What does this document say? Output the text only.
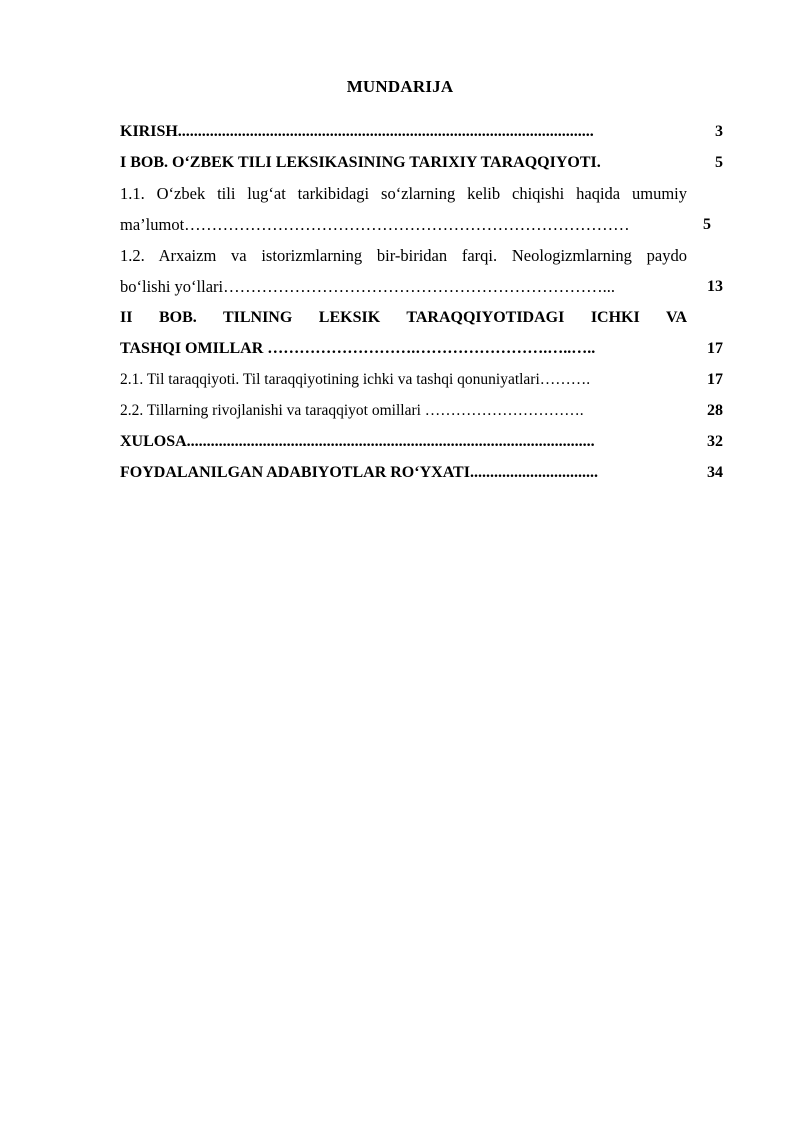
MUNDARIJA
KIRISH........................................................................................................	3
I BOB. O‘ZBEK TILI LEKSIKASINING TARIXIY TARAQQIYOTI.	5
1.1. O‘zbek tili lug‘at tarkibidagi so‘zlarning kelib chiqishi haqida umumiy
ma’lumot………………………………………………………………………	5
1.2. Arxaizm va istorizmlarning bir-biridan farqi. Neologizmlarning paydo
bo‘lishi yo‘llari……………………………………………………………...	13
II BOB. TILNING LEKSIK TARAQQIYOTIDAGI ICHKI VA
TASHQI OMILLAR ……………………….…………………….…..…..	17
2.1. Til taraqqiyoti. Til taraqqiyotining ichki va tashqi qonuniyatlari……….	17
2.2. Tillarning rivojlanishi va taraqqiyot omillari ………………………….	28
XULOSA......................................................................................................	32
FOYDALANILGAN ADABIYOTLAR RO‘YXATI................................	34
